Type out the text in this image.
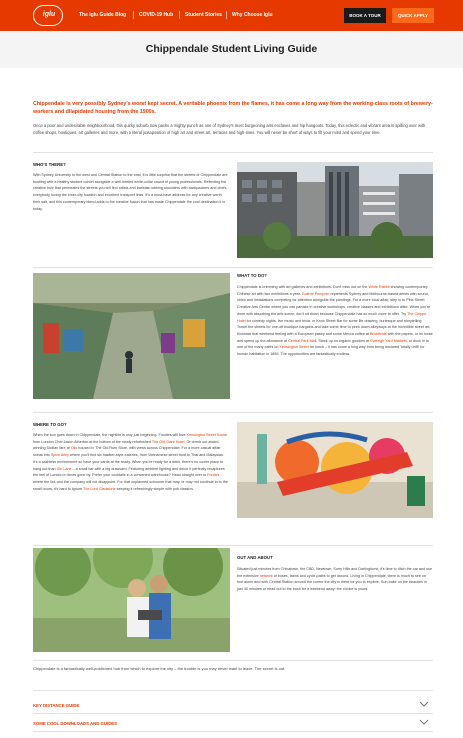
iglu	The Iglu Guide Blog	COVID-19 Hub Student Stories Why Choose Iglu	BOOK A TOUR	QUICK APPLY
Chippendale Student Living Guide
Chippendale is very possibly Sydney's worst kept secret. A veritable phoenix from the flames, it has come a long way from the working-class roots of brewery-workers and dilapidated housing from the 1900s.
Once a poor and undesirable neighbourhood, this quirky suburb now packs a mighty punch as one of Sydney's most burgeoning arts enclaves and hip hangouts. Today, this eclectic and vibrant area is spilling over with coffee shops, boutiques, art galleries and more, with a literal juxtaposition of high art and street art, terraces and high-rises. You will never be short of ways to fill your mind and spend your time.
WHO'S THERE?
With Sydney University to the west and Central Station to the east, it is little surprise that the streets of Chippendale are bustling with a healthy student cohort alongside a well-heeled white-collar crowd of young professionals. Reflecting the creative hive that permeates the streets you will find artists and baristas rubbing shoulders with backpackers and chefs, everybody loving the inner-city location and excellent transport links. It's a must-have address for any creative worth their salt, and this contemporary blend adds to the creative fusion that has made Chippendale the cool destination it is today.
WHAT TO DO?
Chippendale is brimming with art galleries and exhibitions. Don't miss out on the White Rabbit showing contemporary Chinese art with two exhibitions a year. Galerie Pompom represents Sydney and Melbourne-based artists with sound, video and installations competing for attention alongside the paintings. For a more local affair, step in to Pine Street Creative Arts Centre where you can partake in creative workshops, creative classes and exhibitions alike. When you're done with absorbing the arts scene, don't sit down because Chippendale has so much more to offer. Try The Chippo Hotel for comedy nights, live music and trivia, or Knox Street Bar for some life drawing, burlesque and storytelling. Travel the streets for one-off boutique bargains and take some time to peek down alleyways at the incredible street art. Kickstart that weekend feeling with a European pastry and some Mecca coffee at Brickfields with the papers, or lei loose and spend up the allowance at Central Park Mall. Stock up on organic goodies at Eveleigh Yard Markets, or duck in to one of the many cafés on Kensington Street for lunch – it has come a long way from being declared 'totally unfit' for human habitation in 1859. The opportunities are fantastically endless.
WHERE TO GO?
When the sun goes down in Chippendale, the nightlife is only just beginning. Foodies will love Kensington Street Social from London Chef Jason Atherton at the bottom of the newly refurbished The Old Clare Hotel. Or check out award-winning Sicilian fare at Ollo housed in The Old Rum Store, with views across Chippendale. For a more casual affair sneak into Spice Alley where you'll find six hawker-style eateries, from Vietnamese street food to Thai and Malaysian. It's a cashless environment so have your cards at the ready. When you're ready for a drink, there's no cooler place to hang out than Gin Lane – a small bar with a big drawcard. Featuring ambient lighting and décor it perfectly recaptures the feel of London in times gone by. Prefer your cocktails in a converted warehouse? Head straight over to Freda's where the list, and the company will not disappoint. For that unplanned schooner that may, or may not continue in to the small hours, it's hard to ignore The Lord Gladstone keeping it refreshingly simple with pub classics.
OUT AND ABOUT
Situated just minutes from Chinatown, the CBD, Newtown, Surry Hills and Darlinghurst, it's time to ditch the car and use the extensive network of buses, trains and cycle-paths to get around. Living in Chippendale, there is much to see on foot alone and with Central Station around the corner the city is there for you to explore. Sun-bake on the beaches in just 40 minutes or head out to the bush for a weekend away: the choice is yours.
Chippendale is a fantastically well-positioned hub from which to explore the city – the trouble is you may never want to leave. The secret is out.
KEY DISTANCE GUIDE
SOME COOL DOWNLOADS AND GUIDES
